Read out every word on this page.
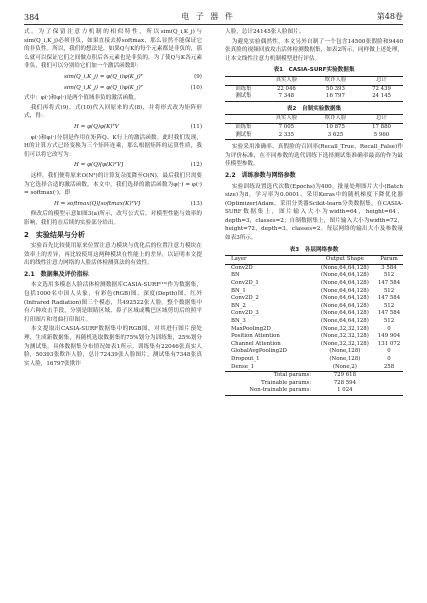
384	电 子 器 件	第48卷

式。为了保留注意力机制的相似特性，所以sim(Q_i,K_j)与sim(Q_i,K_j)必须非负，如果直接去掉softmax，那么显然不能保证它的非负性。所以，我们的想法是，如果Q与K的每个元素都是非负的，那么就可以保证它们之间做点积后各元素也是非负的。为了使Q与K各元素非负，我们可以分别给它们加一个激活函数即：

sim(Q_i,K_j) = φ(Q_i)φ(K_j)ᵀ	(9)
sim(Q_i,K_j) = φ(Q_i)φ(K_j)ᵀ	(10)

式中：φ(·)和φ(·)是两个值域非负的激活函数。

我们再将式(9)、式(10)代入回原来的式(8)，并将形式改为矩阵形式，得：

H = φ(Q)φ(K)ᵀV	(11)

φ(·)和φ(·)分别是作用在矩阵Q、K行上的激活函数。此时我们发现，H的计算方式已经变换为三个矩阵连乘，那么根据矩阵的运算性质，我们可以将它改写为：

H = φ(Q)[φ(K)ᵀV]	(12)

这样，我们便将原来O(N²)的计算复杂度降至O(N)，最后我们只需要为它选择合适的激活函数。本文中，我们选择的激活函数为φ(·) = φ(·) = softmax(·)，即

H = softmax(Q)[softmax(K)ᵀV]	(13)

修改后的模型示意如图3(a)所示，改写公式后，对模型性能与效率的影响，我们将在后续的实验部分给出。

2　实验结果与分析

实验首先比较使用原来位置注意力模块与优化后的位置注意力模块在效率上的差异，再比较使用这两种模块在性能上的差异，以证明本文提出的线性注意力网络的人脸活体检测算法的有效性。

2.1　数据集及评价指标

本文选用多模态人脸活体检测数据库CASIA-SURF⁽¹⁶⁾作为数据集，包括1000名中国人头象，有彩色(RGB)图、深度(Depth)图、红外(Infrared Radiation)图三个模态，共492522张人脸。整个数据集中有六种攻击手段，分别是眼睛区域、鼻子区域或嘴巴区域剪切后的照平打印图片和弯曲打印图片。

本文提取出CASIA-SURF数据集中的RGB图，对其进行图片预处理，生成新数据集，再随机选取数据集的75%划分为训练集，25%划分为测试集。具体数据集分布情况如表1所示。训练集有22046张真实人脸，50393张欺诈人脸，总计72439张人脸图片，测试集有7348张真实人脸，16797张欺诈

人脸，总计24145张人脸图片。

为避免实验偶然性，本文另外自制了一个包含14500张假脸和9440张真脸的视频回放攻击活体检测数据集，如表2所示，同样做上述处理，让本文线性注意力机制模型进行评估。

表1　CASIA-SURF实验数据集
	真实人脸	欺诈人脸	总计
训练集	22 046	50 393	72 439
测试集	7 348	16 797	24 145
表2　自制实验数据集
	真实人脸	欺诈人脸	总计
训练集	7 005	10 875	17 880
测试集	2 335	3 625	5 960

实验采用准确率、真假脸的召回率(Recall_True、Recall_False)作为评价标准，在不同参数的选代训练下选择测试集准确率最高的作为最佳模型参数。

2.2　训练参数与网络参数

实验训练设置选代次数(Epochs)为400，批量处理图片大小(Batch size)为8，学习率为0.0001，采用Keras中的随机梯度下降优化器(Optimizer)Adam，采用分类器Scikit-learn分类数据集。在CASIA-SURF数据集上，图片输入大小为width=64，height=64，depth=3，classes=2；自制数据集上，图片输入大小为width=72，height=72，depth=3，classes=2。每层网络的输出大小及参数量如表3所示。

表3　各层网络参数
Layer	Output Shape	Param
Conv2D	(None,64,64,128)	3 584
BN	(None,64,64,128)	512
Conv2D_1	(None,64,64,128)	147 584
BN_1	(None,64,64,128)	512
Conv2D_2	(None,64,64,128)	147 584
BN_2	(None,64,64,128)	512
Conv2D_3	(None,64,64,128)	147 584
BN_3	(None,64,64,128)	512
MaxPooling2D	(None,32,32,128)	0
Position Attention	(None,32,32,128)	149 904
Channel Attention	(None,32,32,128)	131 072
GlobalAvgPooling2D	(None,128)	0
Dropout_1	(None,128)	0
Dense_1	(None,2)	258
Total params：	729 618	
Trainable params：	728 594	
Non-trainable params：	1 024	
